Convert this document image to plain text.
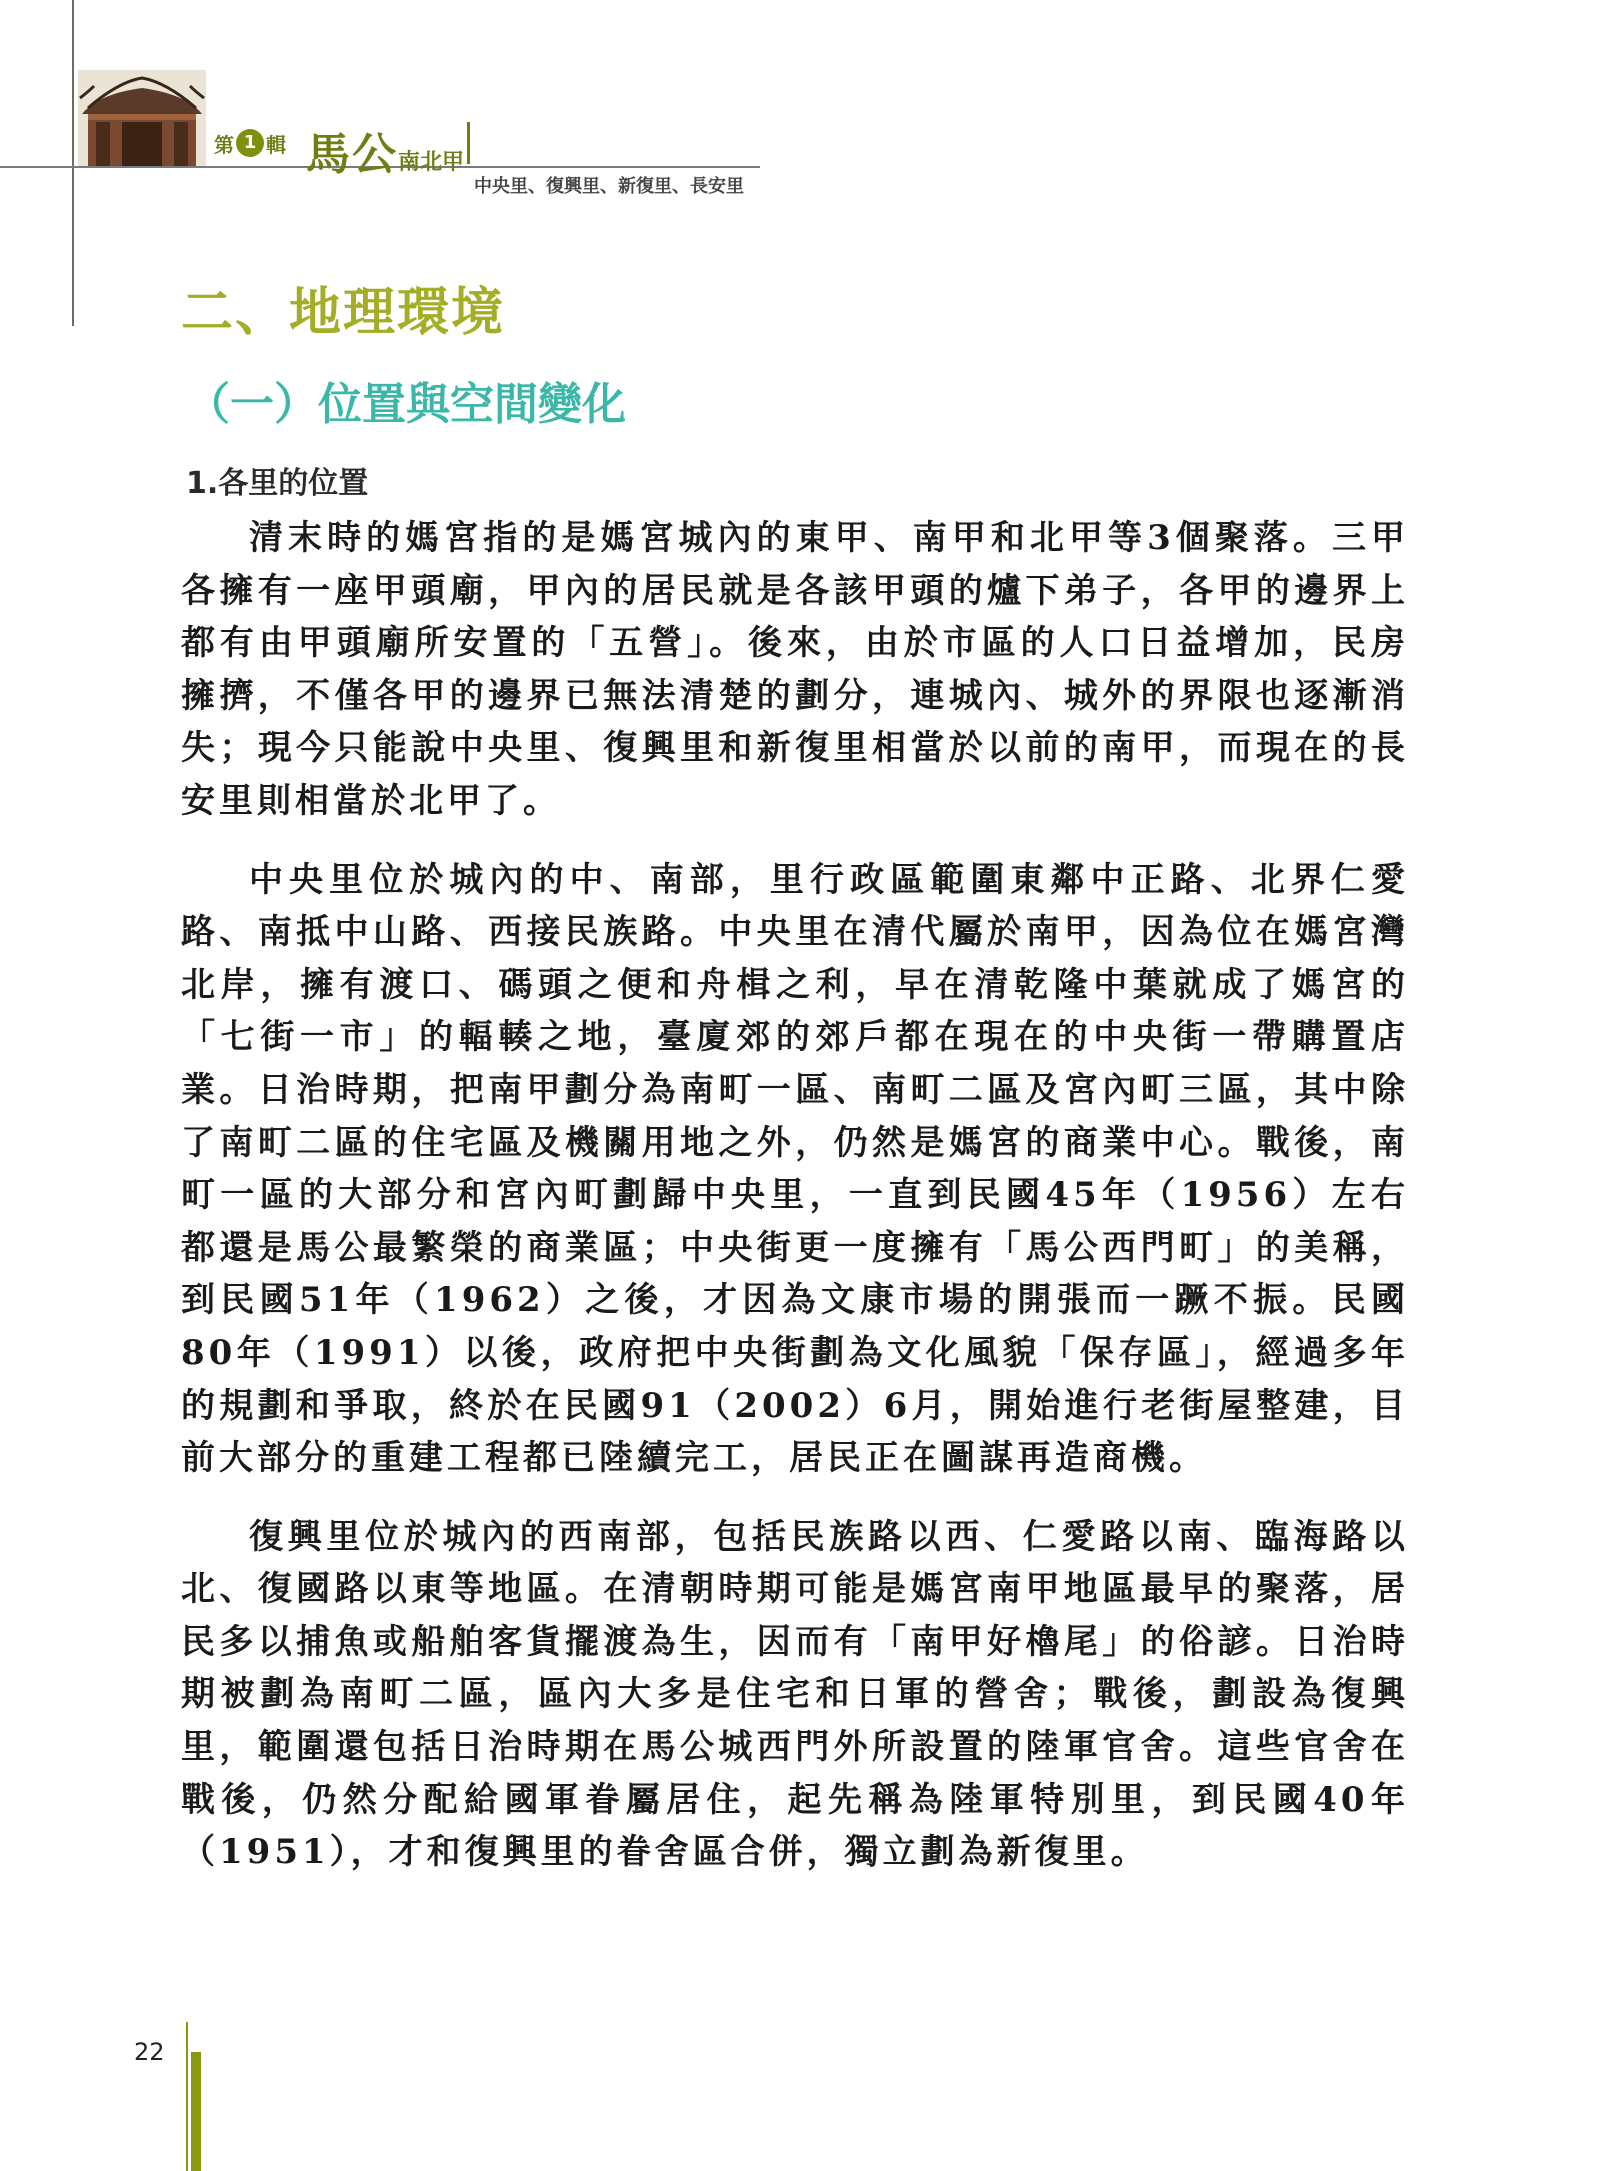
第 1 輯 馬公南北甲
中央里、復興里、新復里、長安里
二、地理環境
（一）位置與空間變化
1.各里的位置

清末時的媽宮指的是媽宮城內的東甲、南甲和北甲等3個聚落。三甲各擁有一座甲頭廟，甲內的居民就是各該甲頭的爐下弟子，各甲的邊界上都有由甲頭廟所安置的「五營」。後來，由於市區的人口日益增加，民房擁擠，不僅各甲的邊界已無法清楚的劃分，連城內、城外的界限也逐漸消失；現今只能說中央里、復興里和新復里相當於以前的南甲，而現在的長安里則相當於北甲了。

中央里位於城內的中、南部，里行政區範圍東鄰中正路、北界仁愛路、南抵中山路、西接民族路。中央里在清代屬於南甲，因為位在媽宮灣北岸，擁有渡口、碼頭之便和舟楫之利，早在清乾隆中葉就成了媽宮的「七街一市」的輻輳之地，臺廈郊的郊戶都在現在的中央街一帶購置店業。日治時期，把南甲劃分為南町一區、南町二區及宮內町三區，其中除了南町二區的住宅區及機關用地之外，仍然是媽宮的商業中心。戰後，南町一區的大部分和宮內町劃歸中央里，一直到民國45年（1956）左右都還是馬公最繁榮的商業區；中央街更一度擁有「馬公西門町」的美稱，到民國51年（1962）之後，才因為文康市場的開張而一蹶不振。民國80年（1991）以後，政府把中央街劃為文化風貌「保存區」，經過多年的規劃和爭取，終於在民國91（2002）6月，開始進行老街屋整建，目前大部分的重建工程都已陸續完工，居民正在圖謀再造商機。

復興里位於城內的西南部，包括民族路以西、仁愛路以南、臨海路以北、復國路以東等地區。在清朝時期可能是媽宮南甲地區最早的聚落，居民多以捕魚或船舶客貨擺渡為生，因而有「南甲好櫓尾」的俗諺。日治時期被劃為南町二區，區內大多是住宅和日軍的營舍；戰後，劃設為復興里，範圍還包括日治時期在馬公城西門外所設置的陸軍官舍。這些官舍在戰後，仍然分配給國軍眷屬居住，起先稱為陸軍特別里，到民國40年（1951），才和復興里的眷舍區合併，獨立劃為新復里。

22
